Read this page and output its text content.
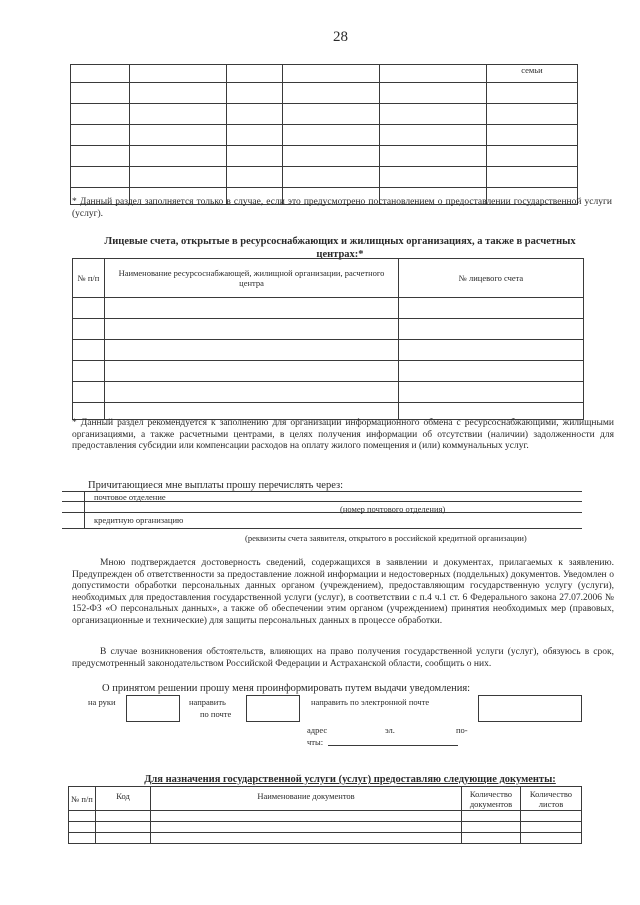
28
					семьи

* Данный раздел заполняется только в случае, если это предусмотрено постановлением о предоставлении государственной услуги (услуг).
Лицевые счета, открытые в ресурсоснабжающих и жилищных организациях, а также в расчетных
центрах:*
№ п/п	Наименование ресурсоснабжающей, жилищной организации, расчетного центра	№ лицевого счета

* Данный раздел рекомендуется к заполнению для организации информационного обмена с ресурсоснабжающими, жилищными организациями, а также расчетными центрами, в целях получения информации об отсутствии (наличии) задолженности для предоставления субсидии или компенсации расходов на оплату жилого помещения и (или) коммунальных услуг.
Причитающиеся мне выплаты прошу перечислять через:
почтовое отделение
(номер почтового отделения)
кредитную организацию
(реквизиты счета заявителя, открытого в российской кредитной организации)
Мною подтверждается достоверность сведений, содержащихся в заявлении и документах, прилагаемых к заявлению. Предупрежден об ответственности за предоставление ложной информации и недостоверных (поддельных) документов. Уведомлен о допустимости обработки персональных данных органом (учреждением), предоставляющим государственную услугу (услуги), необходимых для предоставления государственной услуги (услуг), в соответствии с п.4 ч.1 ст. 6 Федерального закона 27.07.2006 № 152-ФЗ «О персональных данных», а также об обеспечении этим органом (учреждением) принятия необходимых мер (правовых, организационные и технические) для защиты персональных данных в процессе обработки.
В случае возникновения обстоятельств, влияющих на право получения государственной услуги (услуг), обязуюсь в срок, предусмотренный законодательством Российской Федерации и Астраханской области, сообщить о них.
О принятом решении прошу меня проинформировать путем выдачи уведомления:
на руки	направить
по почте
направить по электронной почте
адрес	эл.	по-
чты:
Для назначения государственной услуги (услуг) предоставляю следующие документы:
№ п/п	Код	Наименование документов	Количество документов	Количество листов
